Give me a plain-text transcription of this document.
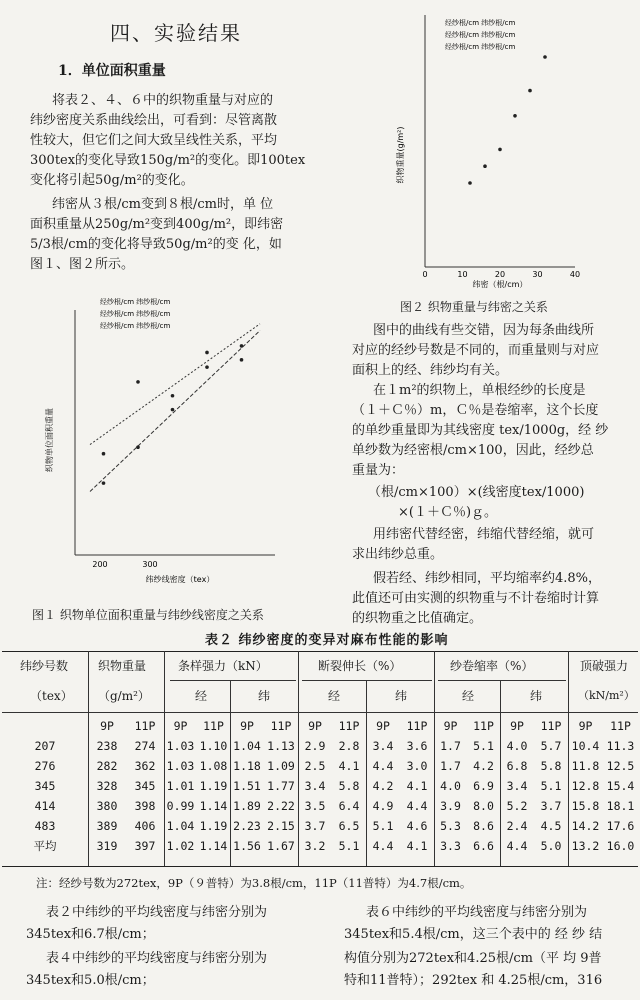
四、实验结果
1．单位面积重量
将表２、４、６中的织物重量与对应的
纬纱密度关系曲线绘出，可看到：尽管离散
性较大，但它们之间大致呈线性关系，平均
300tex的变化导致150g/m²的变化。即100tex
变化将引起50g/m²的变化。
纬密从３根/cm变到８根/cm时，单 位
面积重量从250g/m²变到400g/m²，即纬密
5/3根/cm的变化将导致50g/m²的变 化，如
图１、图２所示。
织物重量(g/m²)
纬密（根/cm）
0	10	20	30	40
经纱根/cm 纬纱根/cm
经纱根/cm 纬纱根/cm
经纱根/cm 纬纱根/cm
图２ 织物重量与纬密之关系
织物单位面积重量
纬纱线密度（tex）
200	300
经纱根/cm 纬纱根/cm
经纱根/cm 纬纱根/cm
经纱根/cm 纬纱根/cm
图１ 织物单位面积重量与纬纱线密度之关系
图中的曲线有些交错，因为每条曲线所
对应的经纱号数是不同的，而重量则与对应
面积上的经、纬纱均有关。
在１m²的织物上，单根经纱的长度是
（１＋Ｃ％）m，Ｃ％是卷缩率，这个长度
的单纱重量即为其线密度 tex/1000g，经 纱
单纱数为经密根/cm×100，因此，经纱总
重量为：
（根/cm×100）×(线密度tex/1000)
×(１＋Ｃ％)ｇ。
用纬密代替经密，纬缩代替经缩，就可
求出纬纱总重。
假若经、纬纱相同，平均缩率约4.8%，
此值还可由实测的织物重与不计卷缩时计算
的织物重之比值确定。
表２ 纬纱密度的变异对麻布性能的影响
纬纱号数 织物重量	条样强力（kN）	断裂伸长（%）	纱卷缩率（%）	顶破强力
（tex） （g/m²）	经	纬	经	纬	经	纬	（kN/m²）
	9P	11P	9P	11P	9P	11P	9P	11P	9P	11P	9P	11P	9P	11P	9P	11P
207	238	274	1.03	1.10	1.04	1.13	2.9	2.8	3.4	3.6	1.7	5.1	4.0	5.7	10.4	11.3
276	282	362	1.03	1.08	1.18	1.09	2.5	4.1	4.4	3.0	1.7	4.2	6.8	5.8	11.8	12.5
345	328	345	1.01	1.19	1.51	1.77	3.4	5.8	4.2	4.1	4.0	6.9	3.4	5.1	12.8	15.4
414	380	398	0.99	1.14	1.89	2.22	3.5	6.4	4.9	4.4	3.9	8.0	5.2	3.7	15.8	18.1
483	389	406	1.04	1.19	2.23	2.15	3.7	6.5	5.1	4.6	5.3	8.6	2.4	4.5	14.2	17.6
平均	319	397	1.02	1.14	1.56	1.67	3.2	5.1	4.4	4.1	3.3	6.6	4.4	5.0	13.2	16.0
注：经纱号数为272tex，9P（９普特）为3.8根/cm，11P（11普特）为4.7根/cm。
表２中纬纱的平均线密度与纬密分别为
345tex和6.7根/cm；
表４中纬纱的平均线密度与纬密分别为
345tex和5.0根/cm；
表６中纬纱的平均线密度与纬密分别为
345tex和5.4根/cm，这三个表中的 经 纱 结
构值分别为272tex和4.25根/cm（平 均 9普
特和11普特）；292tex 和 4.25根/cm，316
